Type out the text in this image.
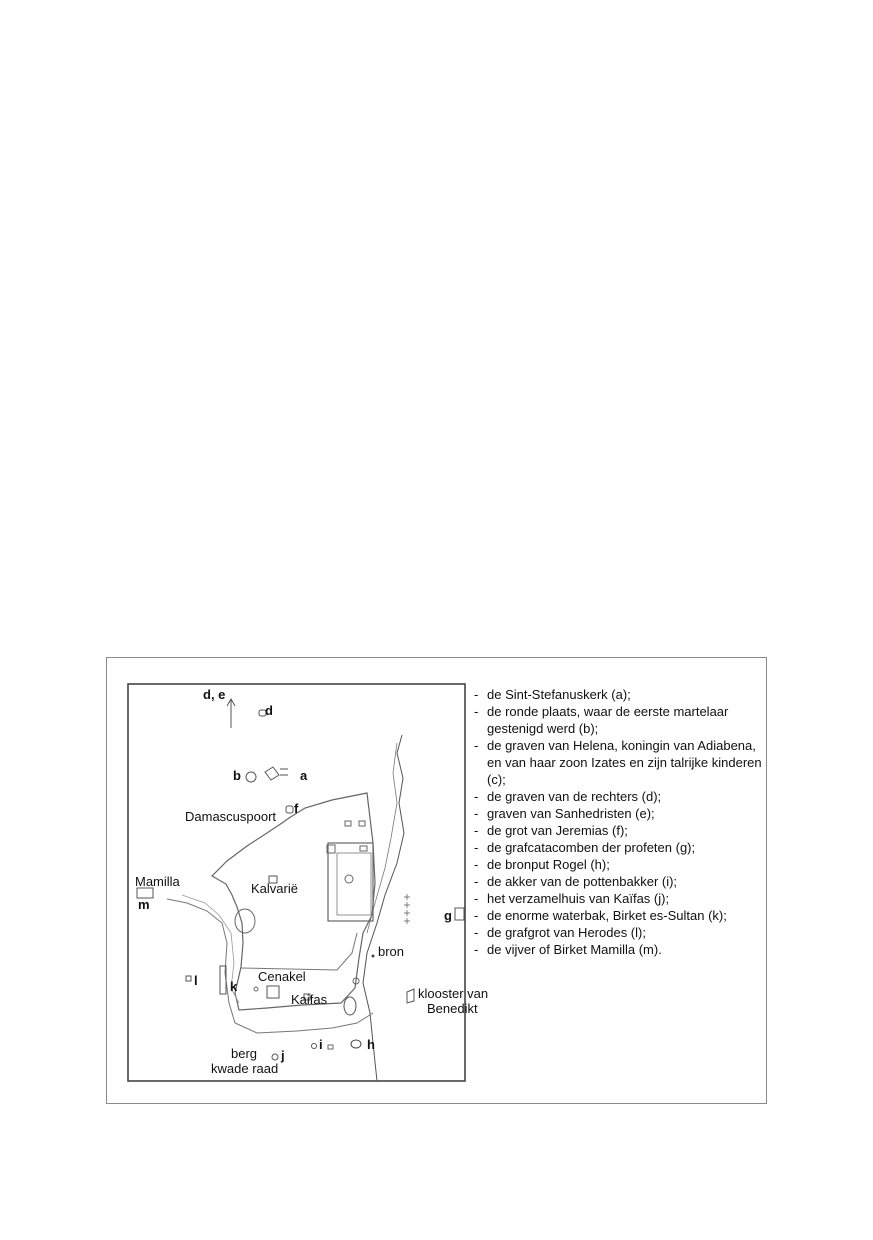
d, e
d
b	a
f
Damascuspoort
Kalvarië
Mamilla
m
g
bron
l	Cenakel
k
Kaifas	klooster van
Benedikt
i	h
berg j
kwade raad
- de Sint-Stefanuskerk (a);
- de ronde plaats, waar de eerste martelaar gestenigd werd (b);
- de graven van Helena, koningin van Adiabena, en van haar zoon Izates en zijn talrijke kinderen (c);
- de graven van de rechters (d);
- graven van Sanhedristen (e);
- de grot van Jeremias (f);
- de grafcatacomben der profeten (g);
- de bronput Rogel (h);
- de akker van de pottenbakker (i);
- het verzamelhuis van Kaïfas (j);
- de enorme waterbak, Birket es-Sultan (k);
- de grafgrot van Herodes (l);
- de vijver of Birket Mamilla (m).
